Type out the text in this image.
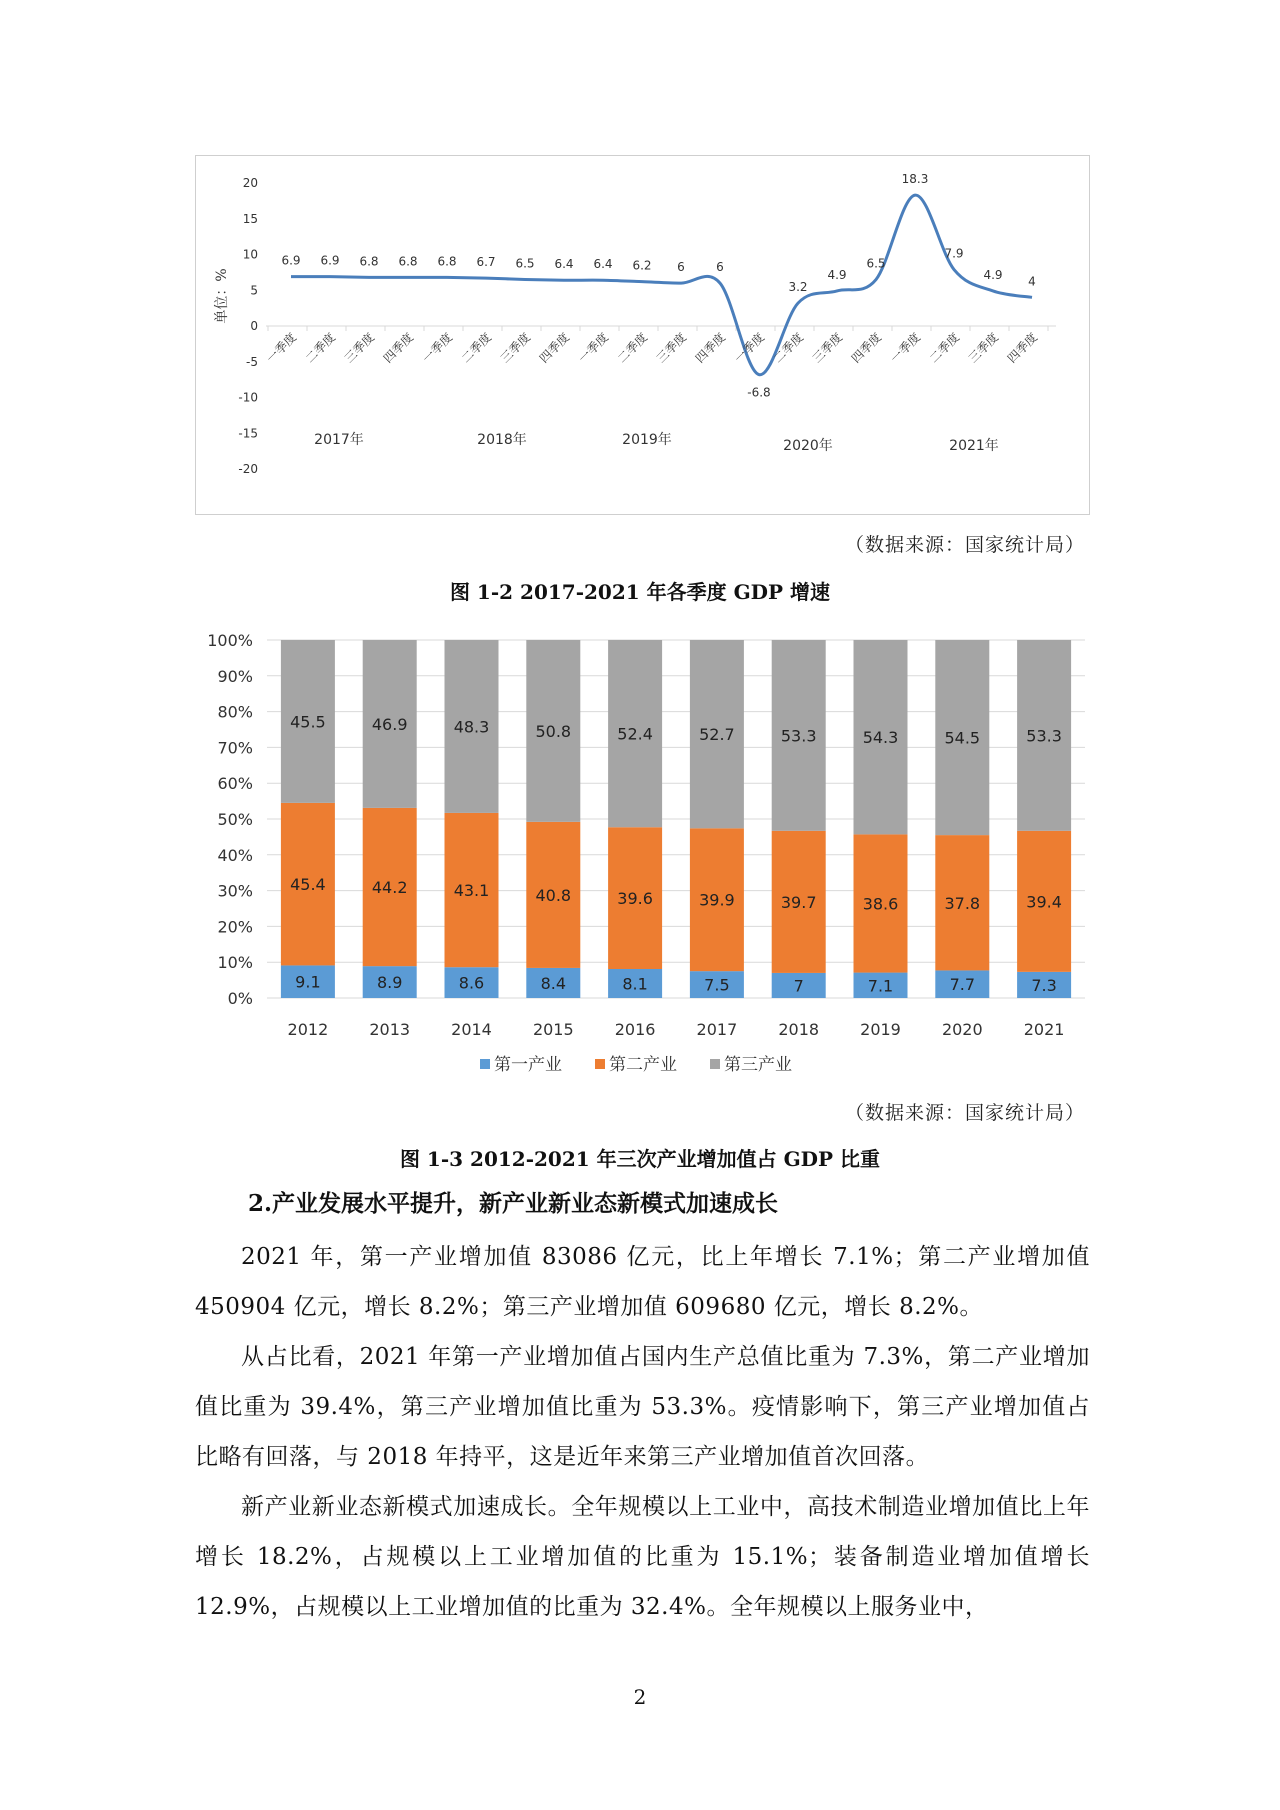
20
15
10
5
0
-5
-10
-15
-20
单位：%
6.9 6.9 6.8 6.8 6.8 6.7 6.5 6.4 6.4 6.2 6	6
-6.8
3.2
4.9
6.5
18.3
7.9
4.9 4
一季度 二季度 三季度 四季度 一季度 二季度 三季度 四季度 一季度 二季度 三季度 四季度 一季度 二季度 三季度 四季度 一季度 二季度 三季度 四季度
2017年	2018年	2019年	2020年	2021年
（数据来源：国家统计局）
图 1-2 2017-2021 年各季度 GDP 增速
100%
90%
80%
70%
60%
50%
40%
30%
20%
10%
0%
9.1
45.4
45.5
2012
8.9
44.2
46.9
2013
8.6
43.1
48.3
2014
8.4
40.8
50.8
2015
8.1
39.6
52.4
2016
7.5
39.9
52.7
2017
7
39.7
53.3
2018
7.1
38.6
54.3
2019
7.7
37.8
54.5
2020
7.3
39.4
53.3
2021
第一产业	第二产业	第三产业
（数据来源：国家统计局）
图 1-3 2012-2021 年三次产业增加值占 GDP 比重
2.产业发展水平提升，新产业新业态新模式加速成长

2021 年，第一产业增加值 83086 亿元，比上年增长 7.1%；第二产业增加值 450904 亿元，增长 8.2%；第三产业增加值 609680 亿元，增长 8.2%。

从占比看，2021 年第一产业增加值占国内生产总值比重为 7.3%，第二产业增加值比重为 39.4%，第三产业增加值比重为 53.3%。疫情影响下，第三产业增加值占比略有回落，与 2018 年持平，这是近年来第三产业增加值首次回落。

新产业新业态新模式加速成长。全年规模以上工业中，高技术制造业增加值比上年增长 18.2%，占规模以上工业增加值的比重为 15.1%；装备制造业增加值增长 12.9%，占规模以上工业增加值的比重为 32.4%。全年规模以上服务业中，

2
